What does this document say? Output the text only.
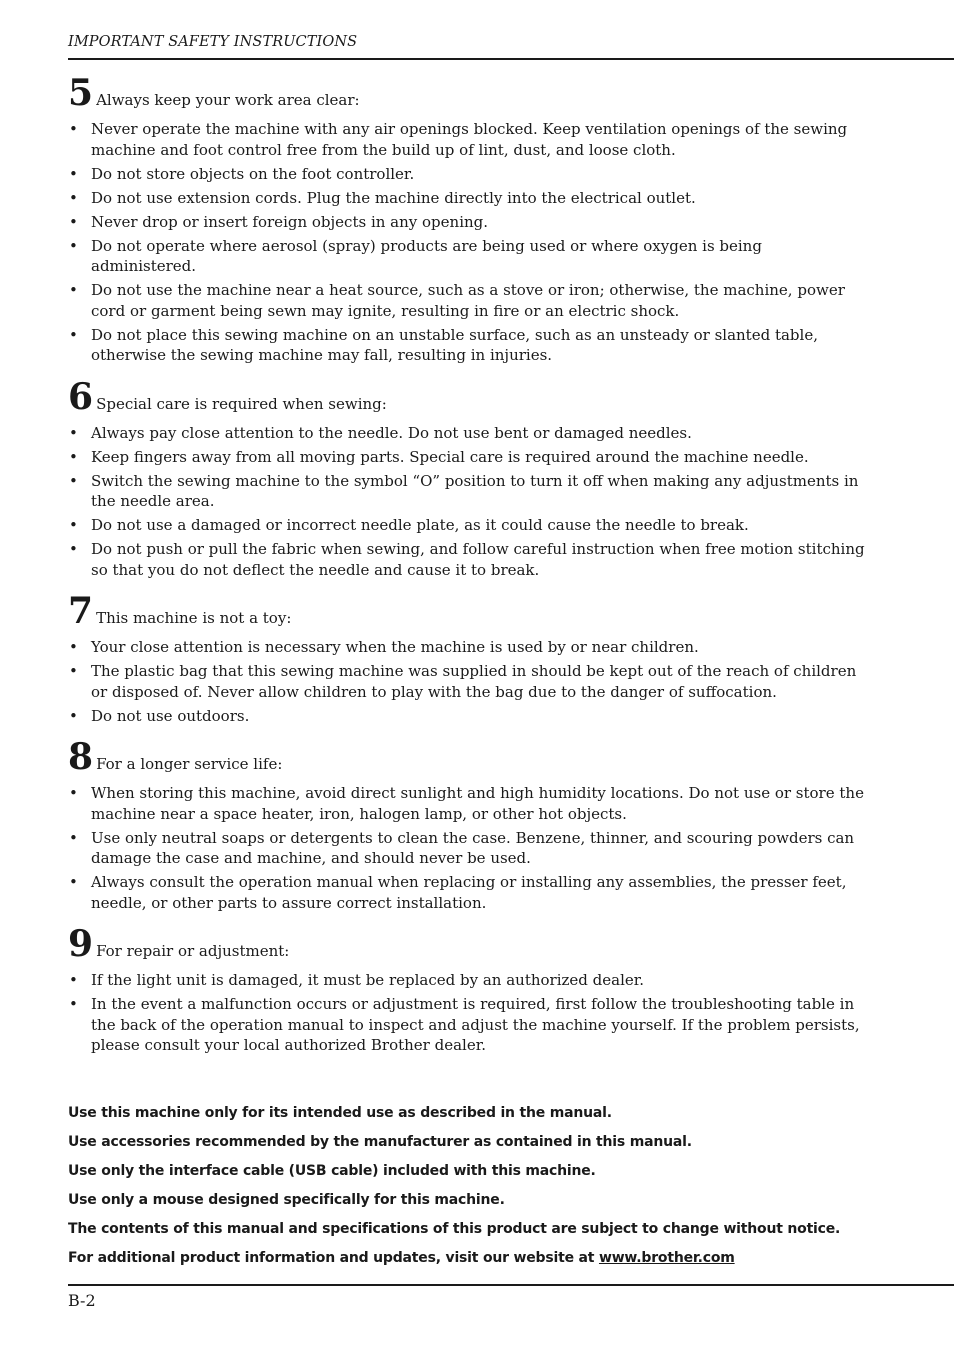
IMPORTANT SAFETY INSTRUCTIONS
5 Always keep your work area clear:
• Never operate the machine with any air openings blocked. Keep ventilation openings of the sewing machine and foot control free from the build up of lint, dust, and loose cloth.
• Do not store objects on the foot controller.
• Do not use extension cords. Plug the machine directly into the electrical outlet.
• Never drop or insert foreign objects in any opening.
• Do not operate where aerosol (spray) products are being used or where oxygen is being administered.
• Do not use the machine near a heat source, such as a stove or iron; otherwise, the machine, power cord or garment being sewn may ignite, resulting in fire or an electric shock.
• Do not place this sewing machine on an unstable surface, such as an unsteady or slanted table, otherwise the sewing machine may fall, resulting in injuries.
6 Special care is required when sewing:
• Always pay close attention to the needle. Do not use bent or damaged needles.
• Keep fingers away from all moving parts. Special care is required around the machine needle.
• Switch the sewing machine to the symbol “O” position to turn it off when making any adjustments in the needle area.
• Do not use a damaged or incorrect needle plate, as it could cause the needle to break.
• Do not push or pull the fabric when sewing, and follow careful instruction when free motion stitching so that you do not deflect the needle and cause it to break.
7 This machine is not a toy:
• Your close attention is necessary when the machine is used by or near children.
• The plastic bag that this sewing machine was supplied in should be kept out of the reach of children or disposed of. Never allow children to play with the bag due to the danger of suffocation.
• Do not use outdoors.
8 For a longer service life:
• When storing this machine, avoid direct sunlight and high humidity locations. Do not use or store the machine near a space heater, iron, halogen lamp, or other hot objects.
• Use only neutral soaps or detergents to clean the case. Benzene, thinner, and scouring powders can damage the case and machine, and should never be used.
• Always consult the operation manual when replacing or installing any assemblies, the presser feet, needle, or other parts to assure correct installation.
9 For repair or adjustment:
• If the light unit is damaged, it must be replaced by an authorized dealer.
• In the event a malfunction occurs or adjustment is required, first follow the troubleshooting table in the back of the operation manual to inspect and adjust the machine yourself. If the problem persists, please consult your local authorized Brother dealer.
Use this machine only for its intended use as described in the manual.
Use accessories recommended by the manufacturer as contained in this manual.
Use only the interface cable (USB cable) included with this machine.
Use only a mouse designed specifically for this machine.
The contents of this manual and specifications of this product are subject to change without notice.
For additional product information and updates, visit our website at www.brother.com
B-2
